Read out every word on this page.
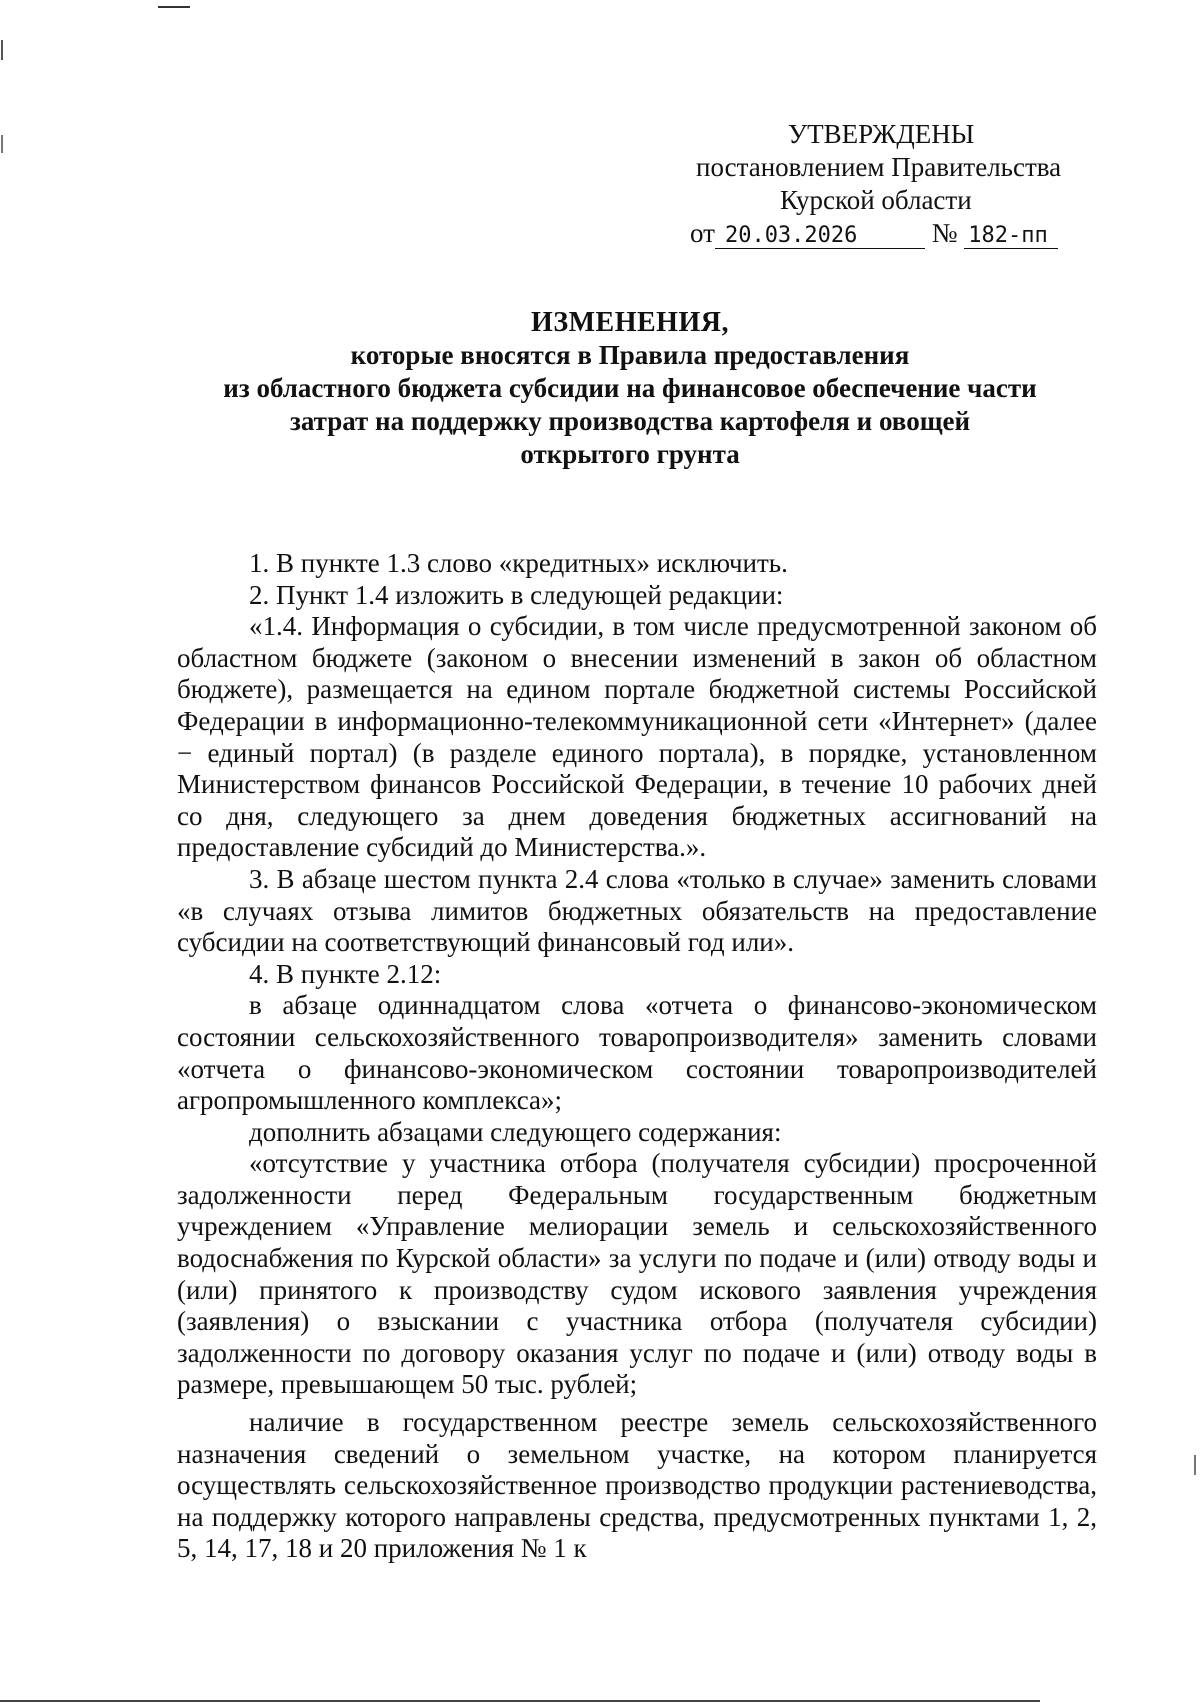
УТВЕРЖДЕНЫ
постановлением Правительства
Курской области
от 20.03.2026	№ 182-пп
ИЗМЕНЕНИЯ,
которые вносятся в Правила предоставления
из областного бюджета субсидии на финансовое обеспечение части
затрат на поддержку производства картофеля и овощей
открытого грунта

1. В пункте 1.3 слово «кредитных» исключить.

2. Пункт 1.4 изложить в следующей редакции:

«1.4. Информация о субсидии, в том числе предусмотренной законом об областном бюджете (законом о внесении изменений в закон об областном бюджете), размещается на едином портале бюджетной системы Российской Федерации в информационно-телекоммуникационной сети «Интернет» (далее − единый портал) (в разделе единого портала), в порядке, установленном Министерством финансов Российской Федерации, в течение 10 рабочих дней со дня, следующего за днем доведения бюджетных ассигнований на предоставление субсидий до Министерства.».

3. В абзаце шестом пункта 2.4 слова «только в случае» заменить словами «в случаях отзыва лимитов бюджетных обязательств на предоставление субсидии на соответствующий финансовый год или».

4. В пункте 2.12:

в абзаце одиннадцатом слова «отчета о финансово-экономическом состоянии сельскохозяйственного товаропроизводителя» заменить словами «отчета о финансово-экономическом состоянии товаропроизводителей агропромышленного комплекса»;

дополнить абзацами следующего содержания:

«отсутствие у участника отбора (получателя субсидии) просроченной задолженности перед Федеральным государственным бюджетным учреждением «Управление мелиорации земель и сельскохозяйственного водоснабжения по Курской области» за услуги по подаче и (или) отводу воды и (или) принятого к производству судом искового заявления учреждения (заявления) о взыскании с участника отбора (получателя субсидии) задолженности по договору оказания услуг по подаче и (или) отводу воды в размере, превышающем 50 тыс. рублей;

наличие в государственном реестре земель сельскохозяйственного назначения сведений о земельном участке, на котором планируется осуществлять сельскохозяйственное производство продукции растениеводства, на поддержку которого направлены средства, предусмотренных пунктами 1, 2, 5, 14, 17, 18 и 20 приложения № 1 к
